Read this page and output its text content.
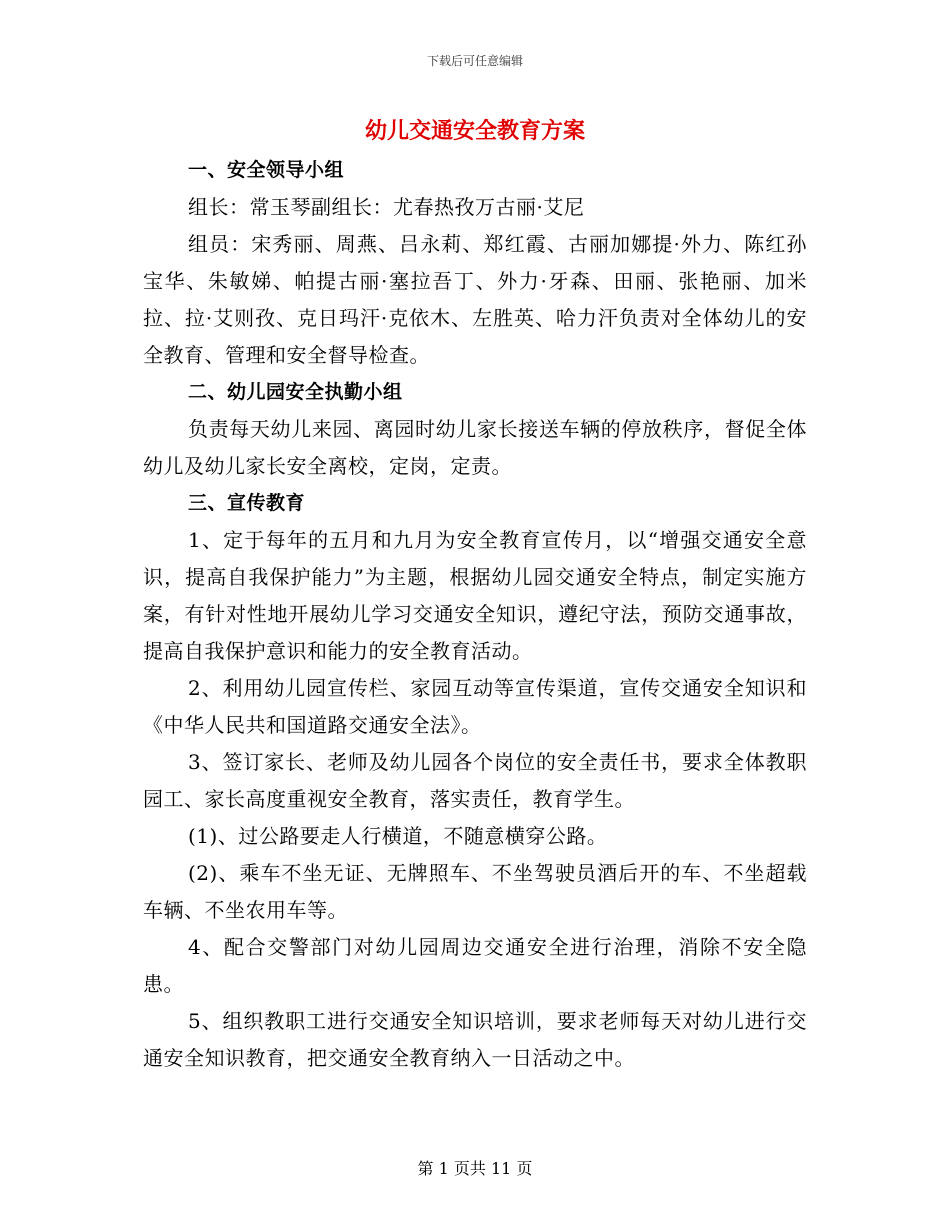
下载后可任意编辑
幼儿交通安全教育方案

一、安全领导小组

组长：常玉琴副组长：尤春热孜万古丽·艾尼

组员：宋秀丽、周燕、吕永莉、郑红霞、古丽加娜提·外力、陈红孙宝华、朱敏娣、帕提古丽·塞拉吾丁、外力·牙森、田丽、张艳丽、加米拉、拉·艾则孜、克日玛汗·克依木、左胜英、哈力汗负责对全体幼儿的安全教育、管理和安全督导检查。

二、幼儿园安全执勤小组

负责每天幼儿来园、离园时幼儿家长接送车辆的停放秩序，督促全体幼儿及幼儿家长安全离校，定岗，定责。

三、宣传教育

1、定于每年的五月和九月为安全教育宣传月，以“增强交通安全意识，提高自我保护能力”为主题，根据幼儿园交通安全特点，制定实施方案，有针对性地开展幼儿学习交通安全知识，遵纪守法，预防交通事故，提高自我保护意识和能力的安全教育活动。

2、利用幼儿园宣传栏、家园互动等宣传渠道，宣传交通安全知识和《中华人民共和国道路交通安全法》。

3、签订家长、老师及幼儿园各个岗位的安全责任书，要求全体教职园工、家长高度重视安全教育，落实责任，教育学生。

(1)、过公路要走人行横道，不随意横穿公路。

(2)、乘车不坐无证、无牌照车、不坐驾驶员酒后开的车、不坐超载车辆、不坐农用车等。

4、配合交警部门对幼儿园周边交通安全进行治理，消除不安全隐患。

5、组织教职工进行交通安全知识培训，要求老师每天对幼儿进行交通安全知识教育，把交通安全教育纳入一日活动之中。

第 1 页共 11 页
